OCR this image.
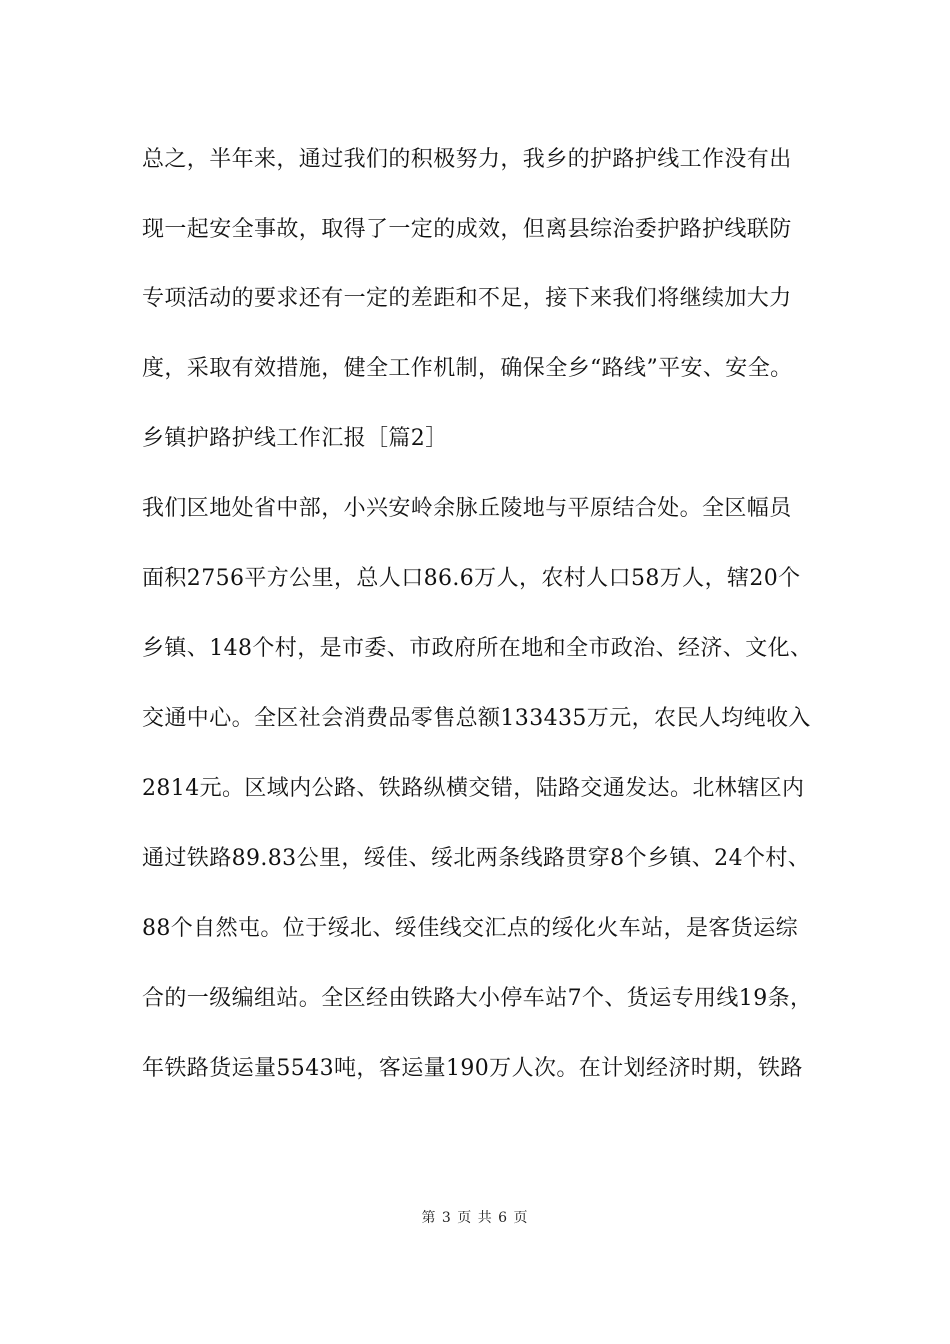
总之，半年来，通过我们的积极努力，我乡的护路护线工作没有出
现一起安全事故，取得了一定的成效，但离县综治委护路护线联防
专项活动的要求还有一定的差距和不足，接下来我们将继续加大力
度，采取有效措施，健全工作机制，确保全乡“路线”平安、安全。
乡镇护路护线工作汇报［篇2］
我们区地处省中部，小兴安岭余脉丘陵地与平原结合处。全区幅员
面积2756平方公里，总人口86.6万人，农村人口58万人，辖20个
乡镇、148个村，是市委、市政府所在地和全市政治、经济、文化、
交通中心。全区社会消费品零售总额133435万元，农民人均纯收入
2814元。区域内公路、铁路纵横交错，陆路交通发达。北林辖区内
通过铁路89.83公里，绥佳、绥北两条线路贯穿8个乡镇、24个村、
88个自然屯。位于绥北、绥佳线交汇点的绥化火车站，是客货运综
合的一级编组站。全区经由铁路大小停车站7个、货运专用线19条，
年铁路货运量5543吨，客运量190万人次。在计划经济时期，铁路
第 3 页 共 6 页
